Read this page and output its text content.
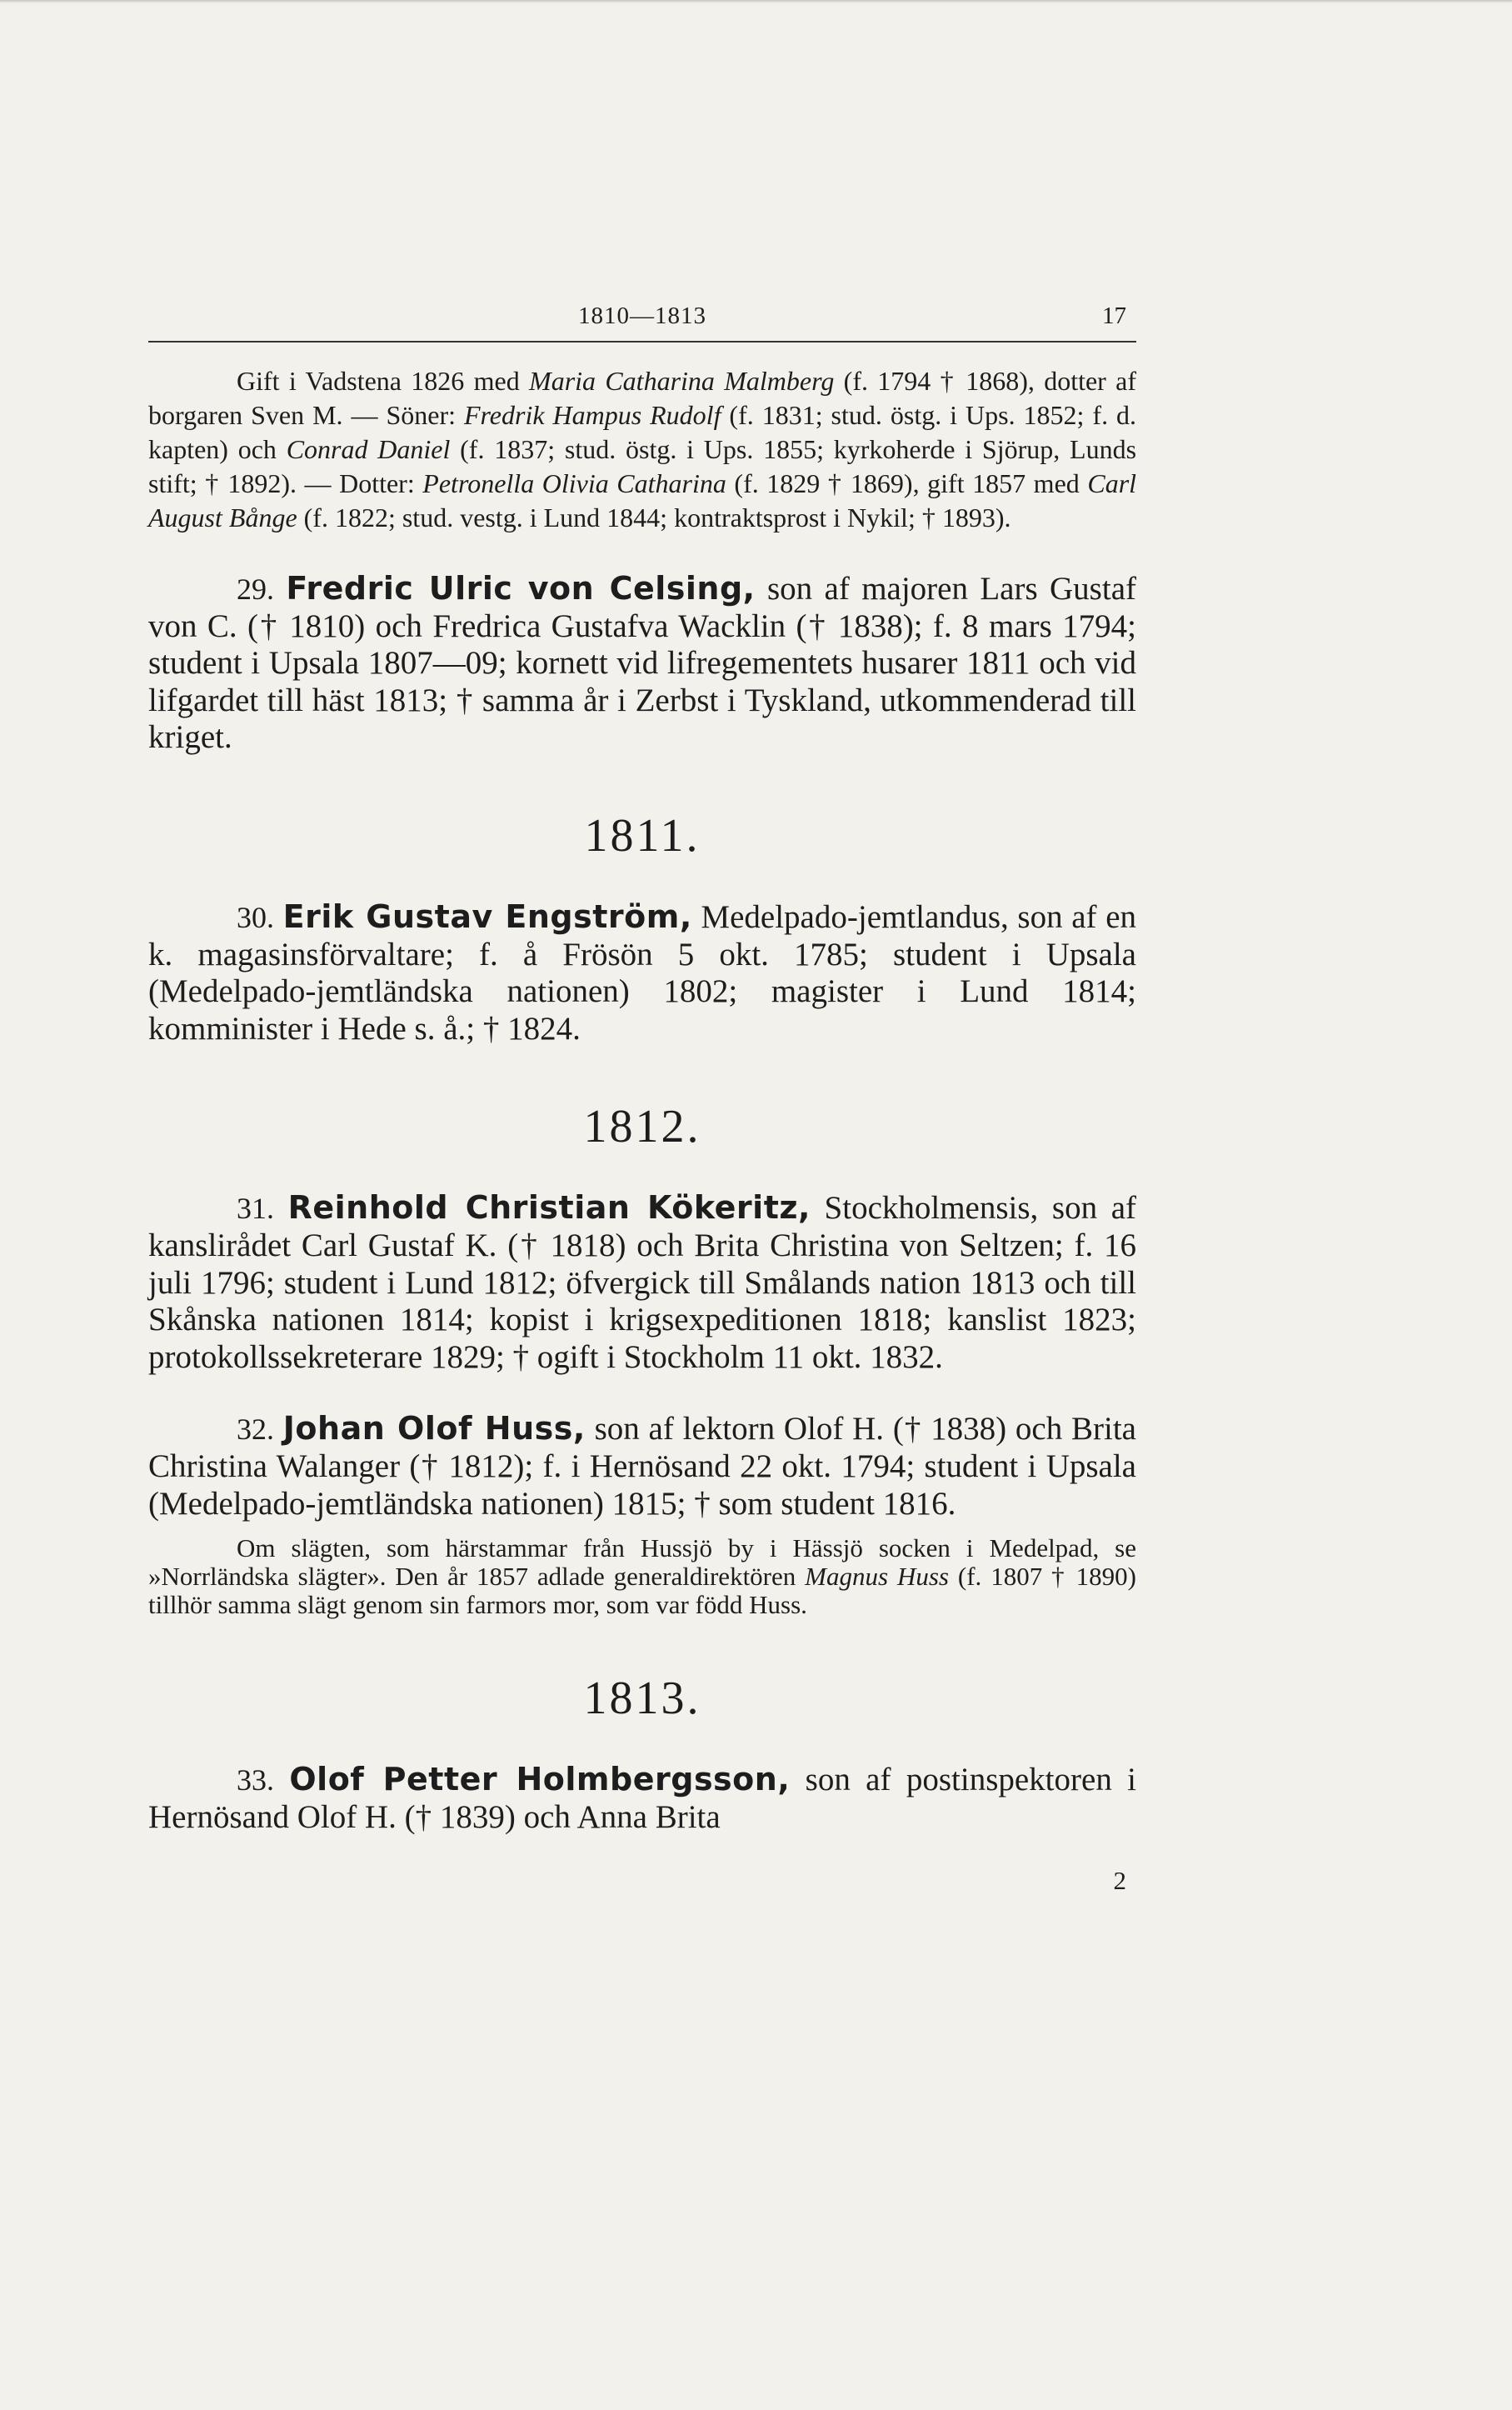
1810—1813	17

Gift i Vadstena 1826 med Maria Catharina Malmberg (f. 1794 † 1868), dotter af borgaren Sven M. — Söner: Fredrik Hampus Rudolf (f. 1831; stud. östg. i Ups. 1852; f. d. kapten) och Conrad Daniel (f. 1837; stud. östg. i Ups. 1855; kyrkoherde i Sjörup, Lunds stift; † 1892). — Dotter: Petronella Olivia Catharina (f. 1829 † 1869), gift 1857 med Carl August Bånge (f. 1822; stud. vestg. i Lund 1844; kontraktsprost i Nykil; † 1893).

29. Fredric Ulric von Celsing, son af majoren Lars Gustaf von C. († 1810) och Fredrica Gustafva Wacklin († 1838); f. 8 mars 1794; student i Upsala 1807—09; kornett vid lifregementets husarer 1811 och vid lifgardet till häst 1813; † samma år i Zerbst i Tyskland, utkommenderad till kriget.

1811.

30. Erik Gustav Engström, Medelpado-jemtlandus, son af en k. magasinsförvaltare; f. å Frösön 5 okt. 1785; student i Upsala (Medelpado-jemtländska nationen) 1802; magister i Lund 1814; komminister i Hede s. å.; † 1824.

1812.

31. Reinhold Christian Kökeritz, Stockholmensis, son af kanslirådet Carl Gustaf K. († 1818) och Brita Christina von Seltzen; f. 16 juli 1796; student i Lund 1812; öfvergick till Smålands nation 1813 och till Skånska nationen 1814; kopist i krigsexpeditionen 1818; kanslist 1823; protokollssekreterare 1829; † ogift i Stockholm 11 okt. 1832.

32. Johan Olof Huss, son af lektorn Olof H. († 1838) och Brita Christina Walanger († 1812); f. i Hernösand 22 okt. 1794; student i Upsala (Medelpado-jemtländska nationen) 1815; † som student 1816.

Om slägten, som härstammar från Hussjö by i Hässjö socken i Medelpad, se »Norrländska slägter». Den år 1857 adlade generaldirektören Magnus Huss (f. 1807 † 1890) tillhör samma slägt genom sin farmors mor, som var född Huss.

1813.

33. Olof Petter Holmbergsson, son af postinspektoren i Hernösand Olof H. († 1839) och Anna Brita

2
